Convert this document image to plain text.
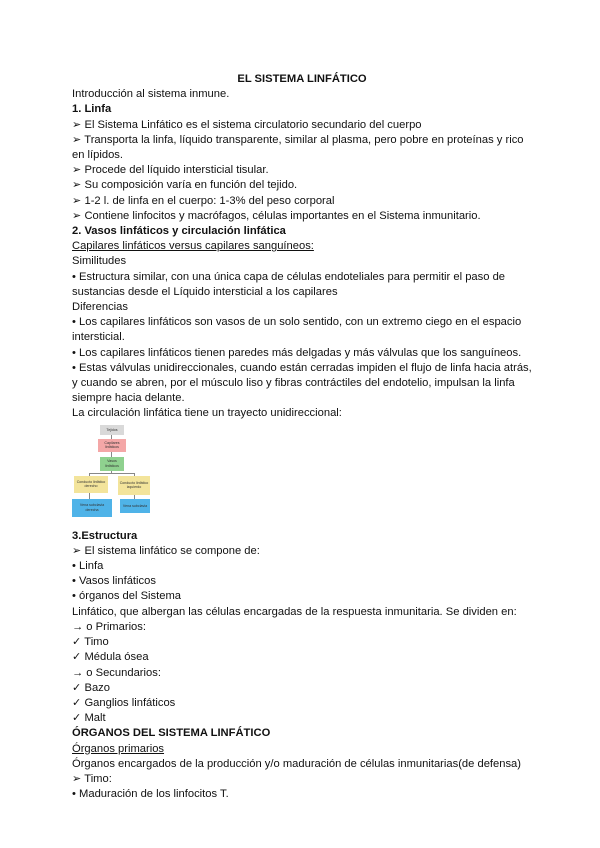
EL SISTEMA LINFÁTICO

Introducción al sistema inmune.

1. Linfa

➢ El Sistema Linfático es el sistema circulatorio secundario del cuerpo

➢ Transporta la linfa, líquido transparente, similar al plasma, pero pobre en proteínas y rico en lípidos.

➢ Procede del líquido intersticial tisular.

➢ Su composición varía en función del tejido.

➢ 1-2 l. de linfa en el cuerpo: 1-3% del peso corporal

➢ Contiene linfocitos y macrófagos, células importantes en el Sistema inmunitario.

2. Vasos linfáticos y circulación linfática

Capilares linfáticos versus capilares sanguíneos:

Similitudes

• Estructura similar, con una única capa de células endoteliales para permitir el paso de sustancias desde el Líquido intersticial a los capilares

Diferencias

• Los capilares linfáticos son vasos de un solo sentido, con un extremo ciego en el espacio intersticial.

• Los capilares linfáticos tienen paredes más delgadas y más válvulas que los sanguíneos.

• Estas válvulas unidireccionales, cuando están cerradas impiden el flujo de linfa hacia atrás, y cuando se abren, por el músculo liso y fibras contráctiles del endotelio, impulsan la linfa siempre hacia delante.

La circulación linfática tiene un trayecto unidireccional:

Tejidos
Capilares linfáticos
Vasos linfáticos
Conducto linfático derecho
Conducto linfático izquierdo
Vena subclavia derecha
Vena subclavia

3.Estructura

➢ El sistema linfático se compone de:

• Linfa

• Vasos linfáticos

• órganos del Sistema

Linfático, que albergan las células encargadas de la respuesta inmunitaria. Se dividen en:

→ o Primarios:

✓ Timo

✓ Médula ósea

→ o Secundarios:

✓ Bazo

✓ Ganglios linfáticos

✓ Malt

ÓRGANOS DEL SISTEMA LINFÁTICO

Órganos primarios

Órganos encargados de la producción y/o maduración de células inmunitarias(de defensa)

➢ Timo:

• Maduración de los linfocitos T.
